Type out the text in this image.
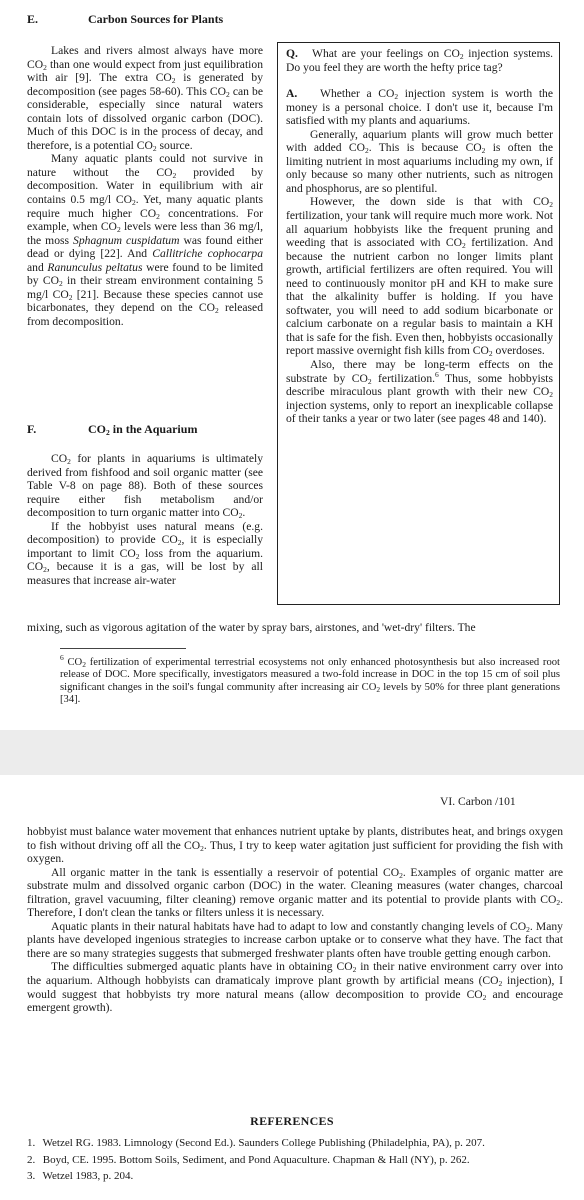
E.	Carbon Sources for Plants

Lakes and rivers almost always have more $CO_2$ than one would expect from just equilibration with air [9]. The extra $CO_2$ is generated by decomposition (see pages 58-60). This $CO_2$ can be considerable, especially since natural waters contain lots of dissolved organic carbon (DOC). Much of this DOC is in the process of decay, and therefore, is a potential $CO_2$ source.

Many aquatic plants could not survive in nature without the $CO_2$ provided by decomposition. Water in equilibrium with air contains 0.5 mg/l $CO_2$. Yet, many aquatic plants require much higher $CO_2$ concentrations. For example, when $CO_2$ levels were less than 36 mg/l, the moss Sphagnum cuspidatum was found either dead or dying [22]. And Callitriche cophocarpa and Ranunculus peltatus were found to be limited by $CO_2$ in their stream environment containing 5 mg/l $CO_2$ [21]. Because these species cannot use bicarbonates, they depend on the $CO_2$ released from decomposition.

F.	$CO_2$ in the Aquarium

$CO_2$ for plants in aquariums is ultimately derived from fishfood and soil organic matter (see Table V-8 on page 88). Both of these sources require either fish metabolism and/or decomposition to turn organic matter into $CO_2$.

If the hobbyist uses natural means (e.g. decomposition) to provide $CO_2$, it is especially important to limit $CO_2$ loss from the aquarium. $CO_2$, because it is a gas, will be lost by all measures that increase air-water

mixing, such as vigorous agitation of the water by spray bars, airstones, and 'wet-dry' filters. The

Q. What are your feelings on $CO_2$ injection systems. Do you feel they are worth the hefty price tag?

A. Whether a $CO_2$ injection system is worth the money is a personal choice. I don't use it, because I'm satisfied with my plants and aquariums.

Generally, aquarium plants will grow much better with added $CO_2$. This is because $CO_2$ is often the limiting nutrient in most aquariums including my own, if only because so many other nutrients, such as nitrogen and phosphorus, are so plentiful.

However, the down side is that with $CO_2$ fertilization, your tank will require much more work. Not all aquarium hobbyists like the frequent pruning and weeding that is associated with $CO_2$ fertilization. And because the nutrient carbon no longer limits plant growth, artificial fertilizers are often required. You will need to continuously monitor pH and KH to make sure that the alkalinity buffer is holding. If you have softwater, you will need to add sodium bicarbonate or calcium carbonate on a regular basis to maintain a KH that is safe for the fish. Even then, hobbyists occasionally report massive overnight fish kills from $CO_2$ overdoses.

Also, there may be long-term effects on the substrate by $CO_2$ fertilization.$^6$ Thus, some hobbyists describe miraculous plant growth with their new $CO_2$ injection systems, only to report an inexplicable collapse of their tanks a year or two later (see pages 48 and 140).

$^6$ $CO_2$ fertilization of experimental terrestrial ecosystems not only enhanced photosynthesis but also increased root release of DOC. More specifically, investigators measured a two-fold increase in DOC in the top 15 cm of soil plus significant changes in the soil's fungal community after increasing air $CO_2$ levels by 50% for three plant generations [34].

VI. Carbon /101

hobbyist must balance water movement that enhances nutrient uptake by plants, distributes heat, and brings oxygen to fish without driving off all the $CO_2$. Thus, I try to keep water agitation just sufficient for providing the fish with oxygen.

All organic matter in the tank is essentially a reservoir of potential $CO_2$. Examples of organic matter are substrate mulm and dissolved organic carbon (DOC) in the water. Cleaning measures (water changes, charcoal filtration, gravel vacuuming, filter cleaning) remove organic matter and its potential to provide plants with $CO_2$. Therefore, I don't clean the tanks or filters unless it is necessary.

Aquatic plants in their natural habitats have had to adapt to low and constantly changing levels of $CO_2$. Many plants have developed ingenious strategies to increase carbon uptake or to conserve what they have. The fact that there are so many strategies suggests that submerged freshwater plants often have trouble getting enough carbon.

The difficulties submerged aquatic plants have in obtaining $CO_2$ in their native environment carry over into the aquarium. Although hobbyists can dramaticaly improve plant growth by artificial means ($CO_2$ injection), I would suggest that hobbyists try more natural means (allow decomposition to provide $CO_2$ and encourage emergent growth).

REFERENCES

1. Wetzel RG. 1983. Limnology (Second Ed.). Saunders College Publishing (Philadelphia, PA), p. 207.

2. Boyd, CE. 1995. Bottom Soils, Sediment, and Pond Aquaculture. Chapman & Hall (NY), p. 262.

3. Wetzel 1983, p. 204.
